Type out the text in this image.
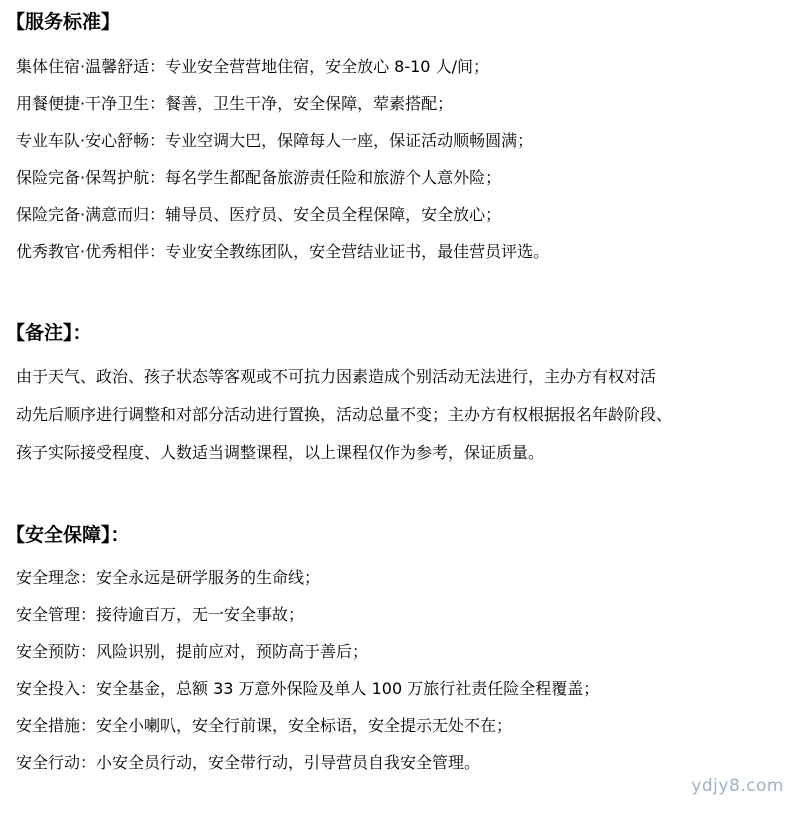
【服务标准】
集体住宿·温馨舒适：专业安全营营地住宿，安全放心 8-10 人/间；
用餐便捷·干净卫生：餐善，卫生干净，安全保障，荤素搭配；
专业车队·安心舒畅：专业空调大巴，保障每人一座，保证活动顺畅圆满；
保险完备·保驾护航：每名学生都配备旅游责任险和旅游个人意外险；
保险完备·满意而归：辅导员、医疗员、安全员全程保障，安全放心；
优秀教官·优秀相伴：专业安全教练团队，安全营结业证书，最佳营员评选。
【备注】：
由于天气、政治、孩子状态等客观或不可抗力因素造成个别活动无法进行，主办方有权对活
动先后顺序进行调整和对部分活动进行置换，活动总量不变；主办方有权根据报名年龄阶段、
孩子实际接受程度、人数适当调整课程，以上课程仅作为参考，保证质量。
【安全保障】：
安全理念：安全永远是研学服务的生命线；
安全管理：接待逾百万，无一安全事故；
安全预防：风险识别，提前应对，预防高于善后；
安全投入：安全基金，总额 33 万意外保险及单人 100 万旅行社责任险全程覆盖；
安全措施：安全小喇叭，安全行前课，安全标语，安全提示无处不在；
安全行动：小安全员行动，安全带行动，引导营员自我安全管理。
ydjy8.com
